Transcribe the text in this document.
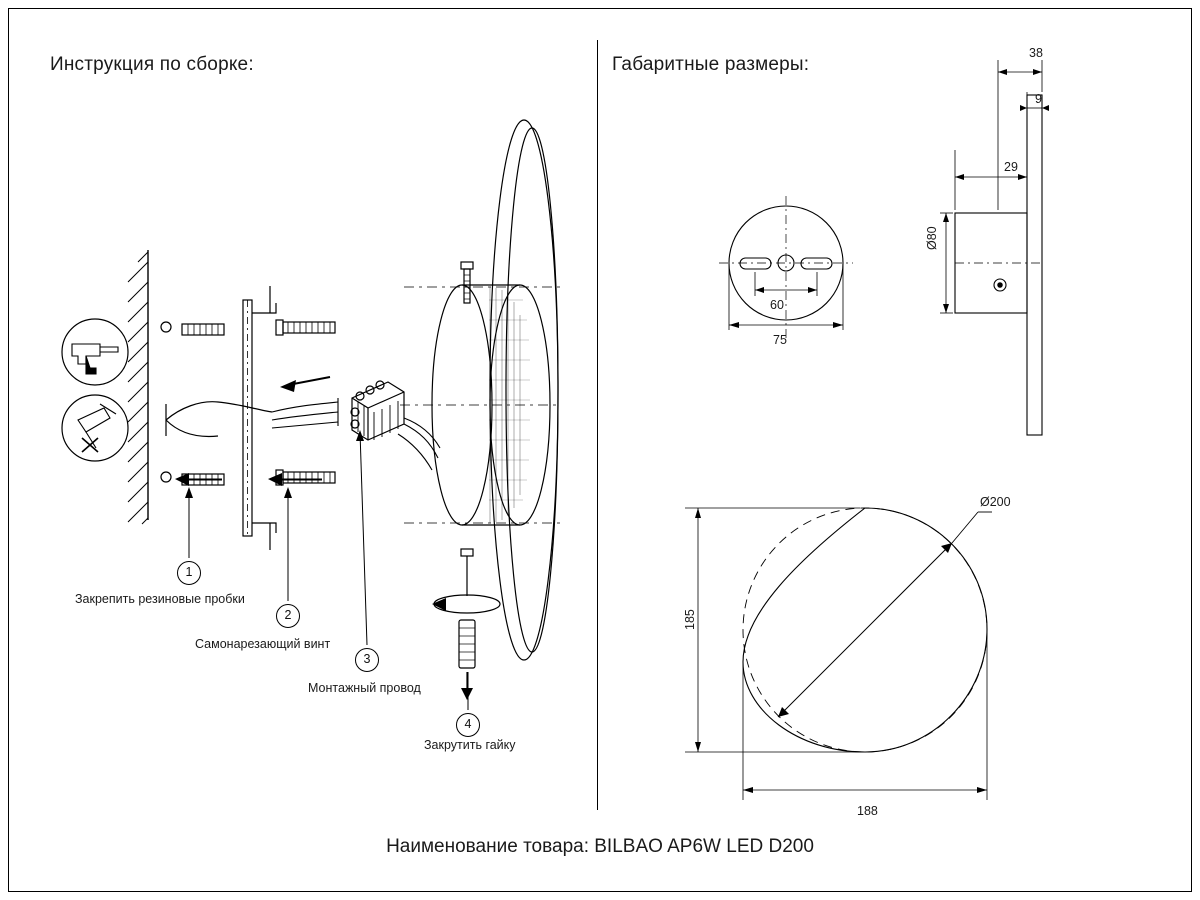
Инструкция по сборке:	Габаритные размеры:
1
2
3
4
Закрепить резиновые пробки
Самонарезающий винт
Монтажный провод
Закрутить гайку
38
9
29
Ø80
60
75
Ø200
185
188
Наименование товара: BILBAO AP6W LED D200
